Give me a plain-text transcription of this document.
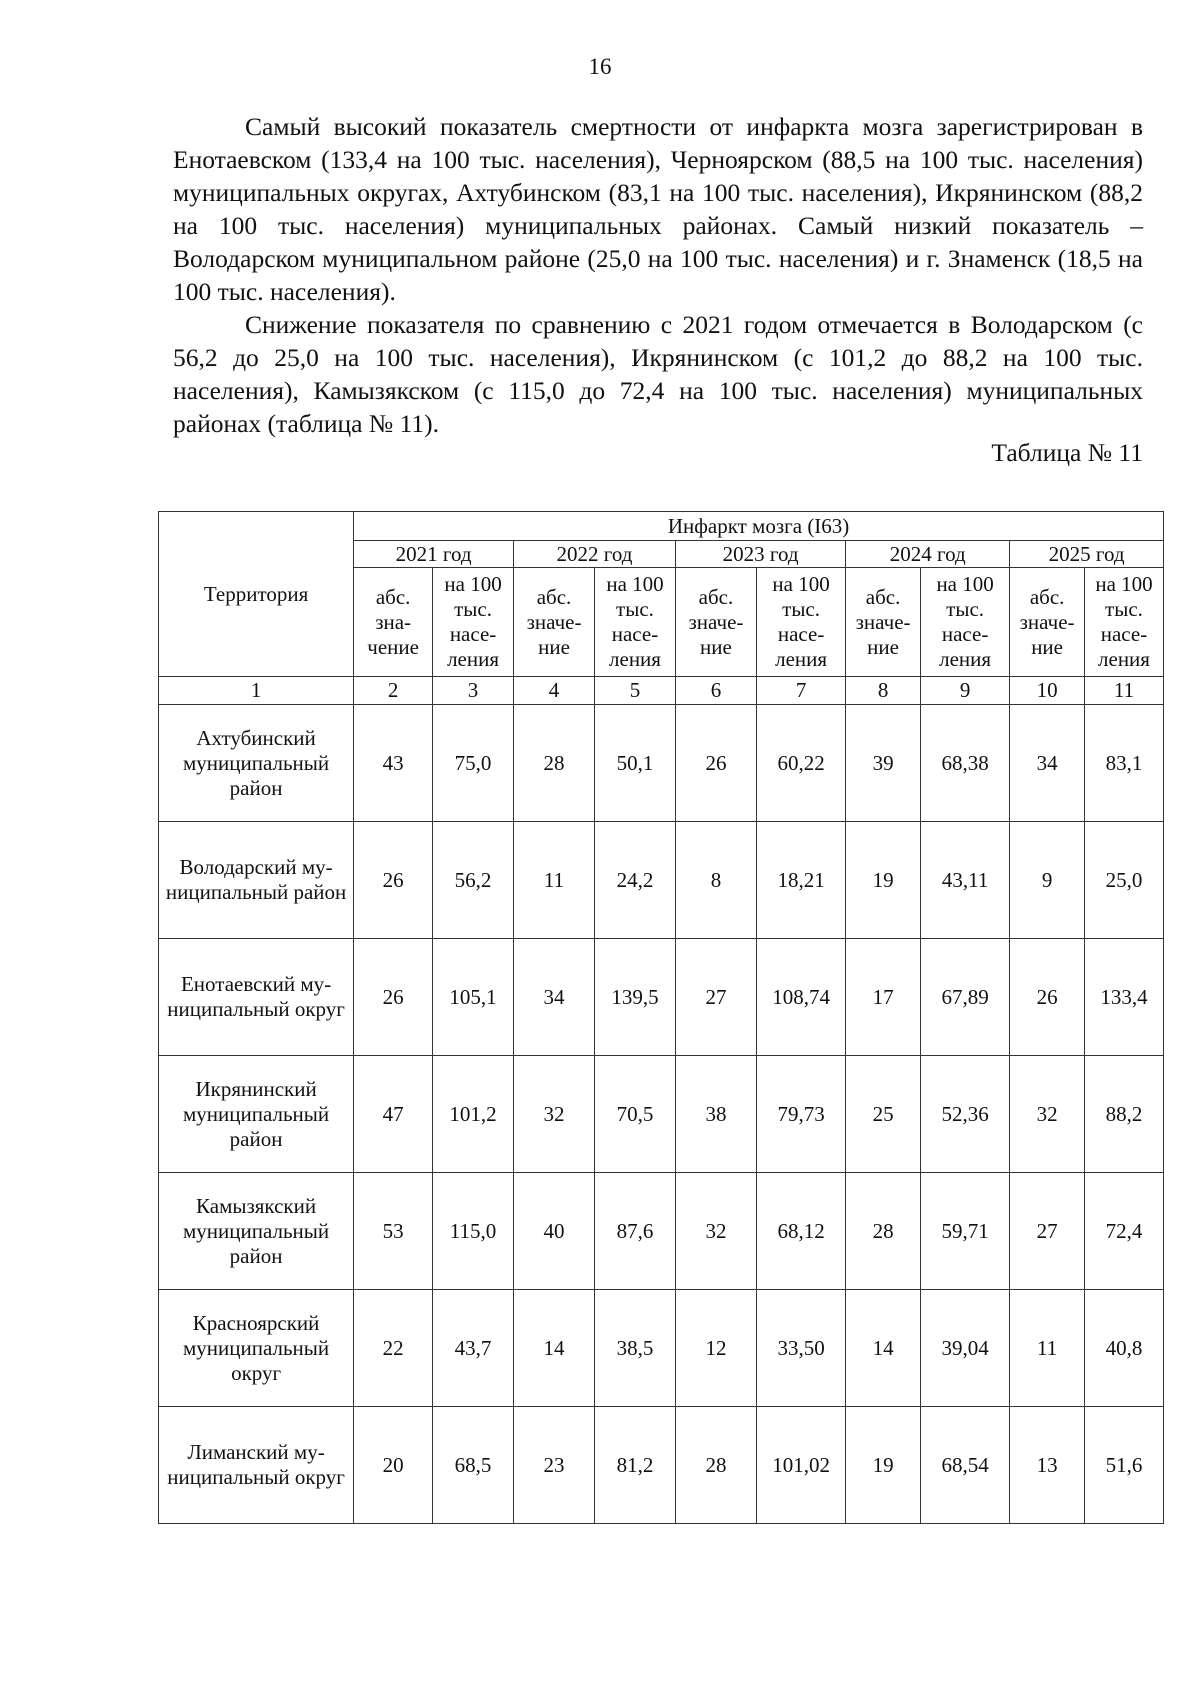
16

Самый высокий показатель смертности от инфаркта мозга зарегистрирован в Енотаевском (133,4 на 100 тыс. населения), Черноярском (88,5 на 100 тыс. населения) муниципальных округах, Ахтубинском (83,1 на 100 тыс. населения), Икрянинском (88,2 на 100 тыс. населения) муниципальных районах. Самый низкий показатель – Володарском муниципальном районе (25,0 на 100 тыс. населения) и г. Знаменск (18,5 на 100 тыс. населения).

Снижение показателя по сравнению с 2021 годом отмечается в Володарском (с 56,2 до 25,0 на 100 тыс. населения), Икрянинском (с 101,2 до 88,2 на 100 тыс. населения), Камызякском (с 115,0 до 72,4 на 100 тыс. населения) муниципальных районах (таблица № 11).

Таблица № 11
Территория	Инфаркт мозга (I63)									
	2021 год		2022 год		2023 год		2024 год		2025 год	
	абс. значение	на 100 тыс. населения	абс. значение	на 100 тыс. населения	абс. значение	на 100 тыс. населения	абс. значение	на 100 тыс. населения	абс. значение	на 100 тыс. населения
1	2	3	4	5	6	7	8	9	10	11
Ахтубинский муниципальный район	43	75,0	28	50,1	26	60,22	39	68,38	34	83,1
Володарский муниципальный район	26	56,2	11	24,2	8	18,21	19	43,11	9	25,0
Енотаевский муниципальный округ	26	105,1	34	139,5	27	108,74	17	67,89	26	133,4
Икрянинский муниципальный район	47	101,2	32	70,5	38	79,73	25	52,36	32	88,2
Камызякский муниципальный район	53	115,0	40	87,6	32	68,12	28	59,71	27	72,4
Красноярский муниципальный округ	22	43,7	14	38,5	12	33,50	14	39,04	11	40,8
Лиманский муниципальный округ	20	68,5	23	81,2	28	101,02	19	68,54	13	51,6
